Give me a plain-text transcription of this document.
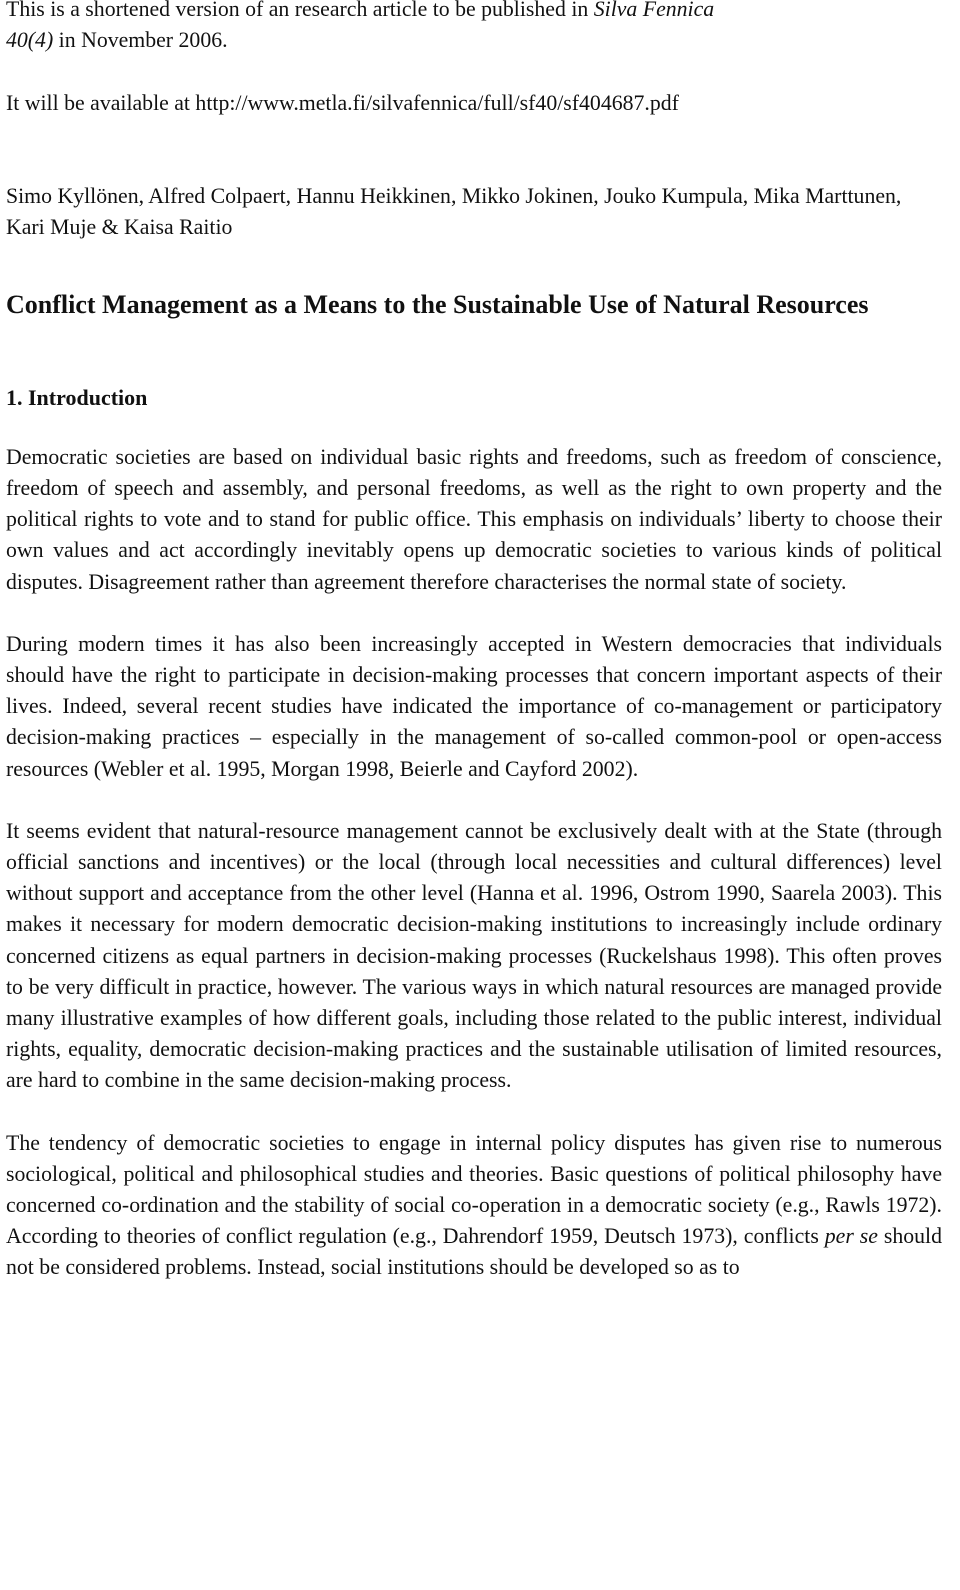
This is a shortened version of an research article to be published in Silva Fennica

40(4) in November 2006.

It will be available at http://www.metla.fi/silvafennica/full/sf40/sf404687.pdf

Simo Kyllönen, Alfred Colpaert, Hannu Heikkinen, Mikko Jokinen, Jouko Kumpula, Mika Marttunen, Kari Muje & Kaisa Raitio

Conflict Management as a Means to the Sustainable Use of Natural Resources
1. Introduction

Democratic societies are based on individual basic rights and freedoms, such as freedom of conscience, freedom of speech and assembly, and personal freedoms, as well as the right to own property and the political rights to vote and to stand for public office. This emphasis on individuals’ liberty to choose their own values and act accordingly inevitably opens up democratic societies to various kinds of political disputes. Disagreement rather than agreement therefore characterises the normal state of society.

During modern times it has also been increasingly accepted in Western democracies that individuals should have the right to participate in decision-making processes that concern important aspects of their lives. Indeed, several recent studies have indicated the importance of co-management or participatory decision-making practices – especially in the management of so-called common-pool or open-access resources (Webler et al. 1995, Morgan 1998, Beierle and Cayford 2002).

It seems evident that natural-resource management cannot be exclusively dealt with at the State (through official sanctions and incentives) or the local (through local necessities and cultural differences) level without support and acceptance from the other level (Hanna et al. 1996, Ostrom 1990, Saarela 2003). This makes it necessary for modern democratic decision-making institutions to increasingly include ordinary concerned citizens as equal partners in decision-making processes (Ruckelshaus 1998). This often proves to be very difficult in practice, however. The various ways in which natural resources are managed provide many illustrative examples of how different goals, including those related to the public interest, individual rights, equality, democratic decision-making practices and the sustainable utilisation of limited resources, are hard to combine in the same decision-making process.

The tendency of democratic societies to engage in internal policy disputes has given rise to numerous sociological, political and philosophical studies and theories. Basic questions of political philosophy have concerned co-ordination and the stability of social co-operation in a democratic society (e.g., Rawls 1972). According to theories of conflict regulation (e.g., Dahrendorf 1959, Deutsch 1973), conflicts per se should not be considered problems. Instead, social institutions should be developed so as to
